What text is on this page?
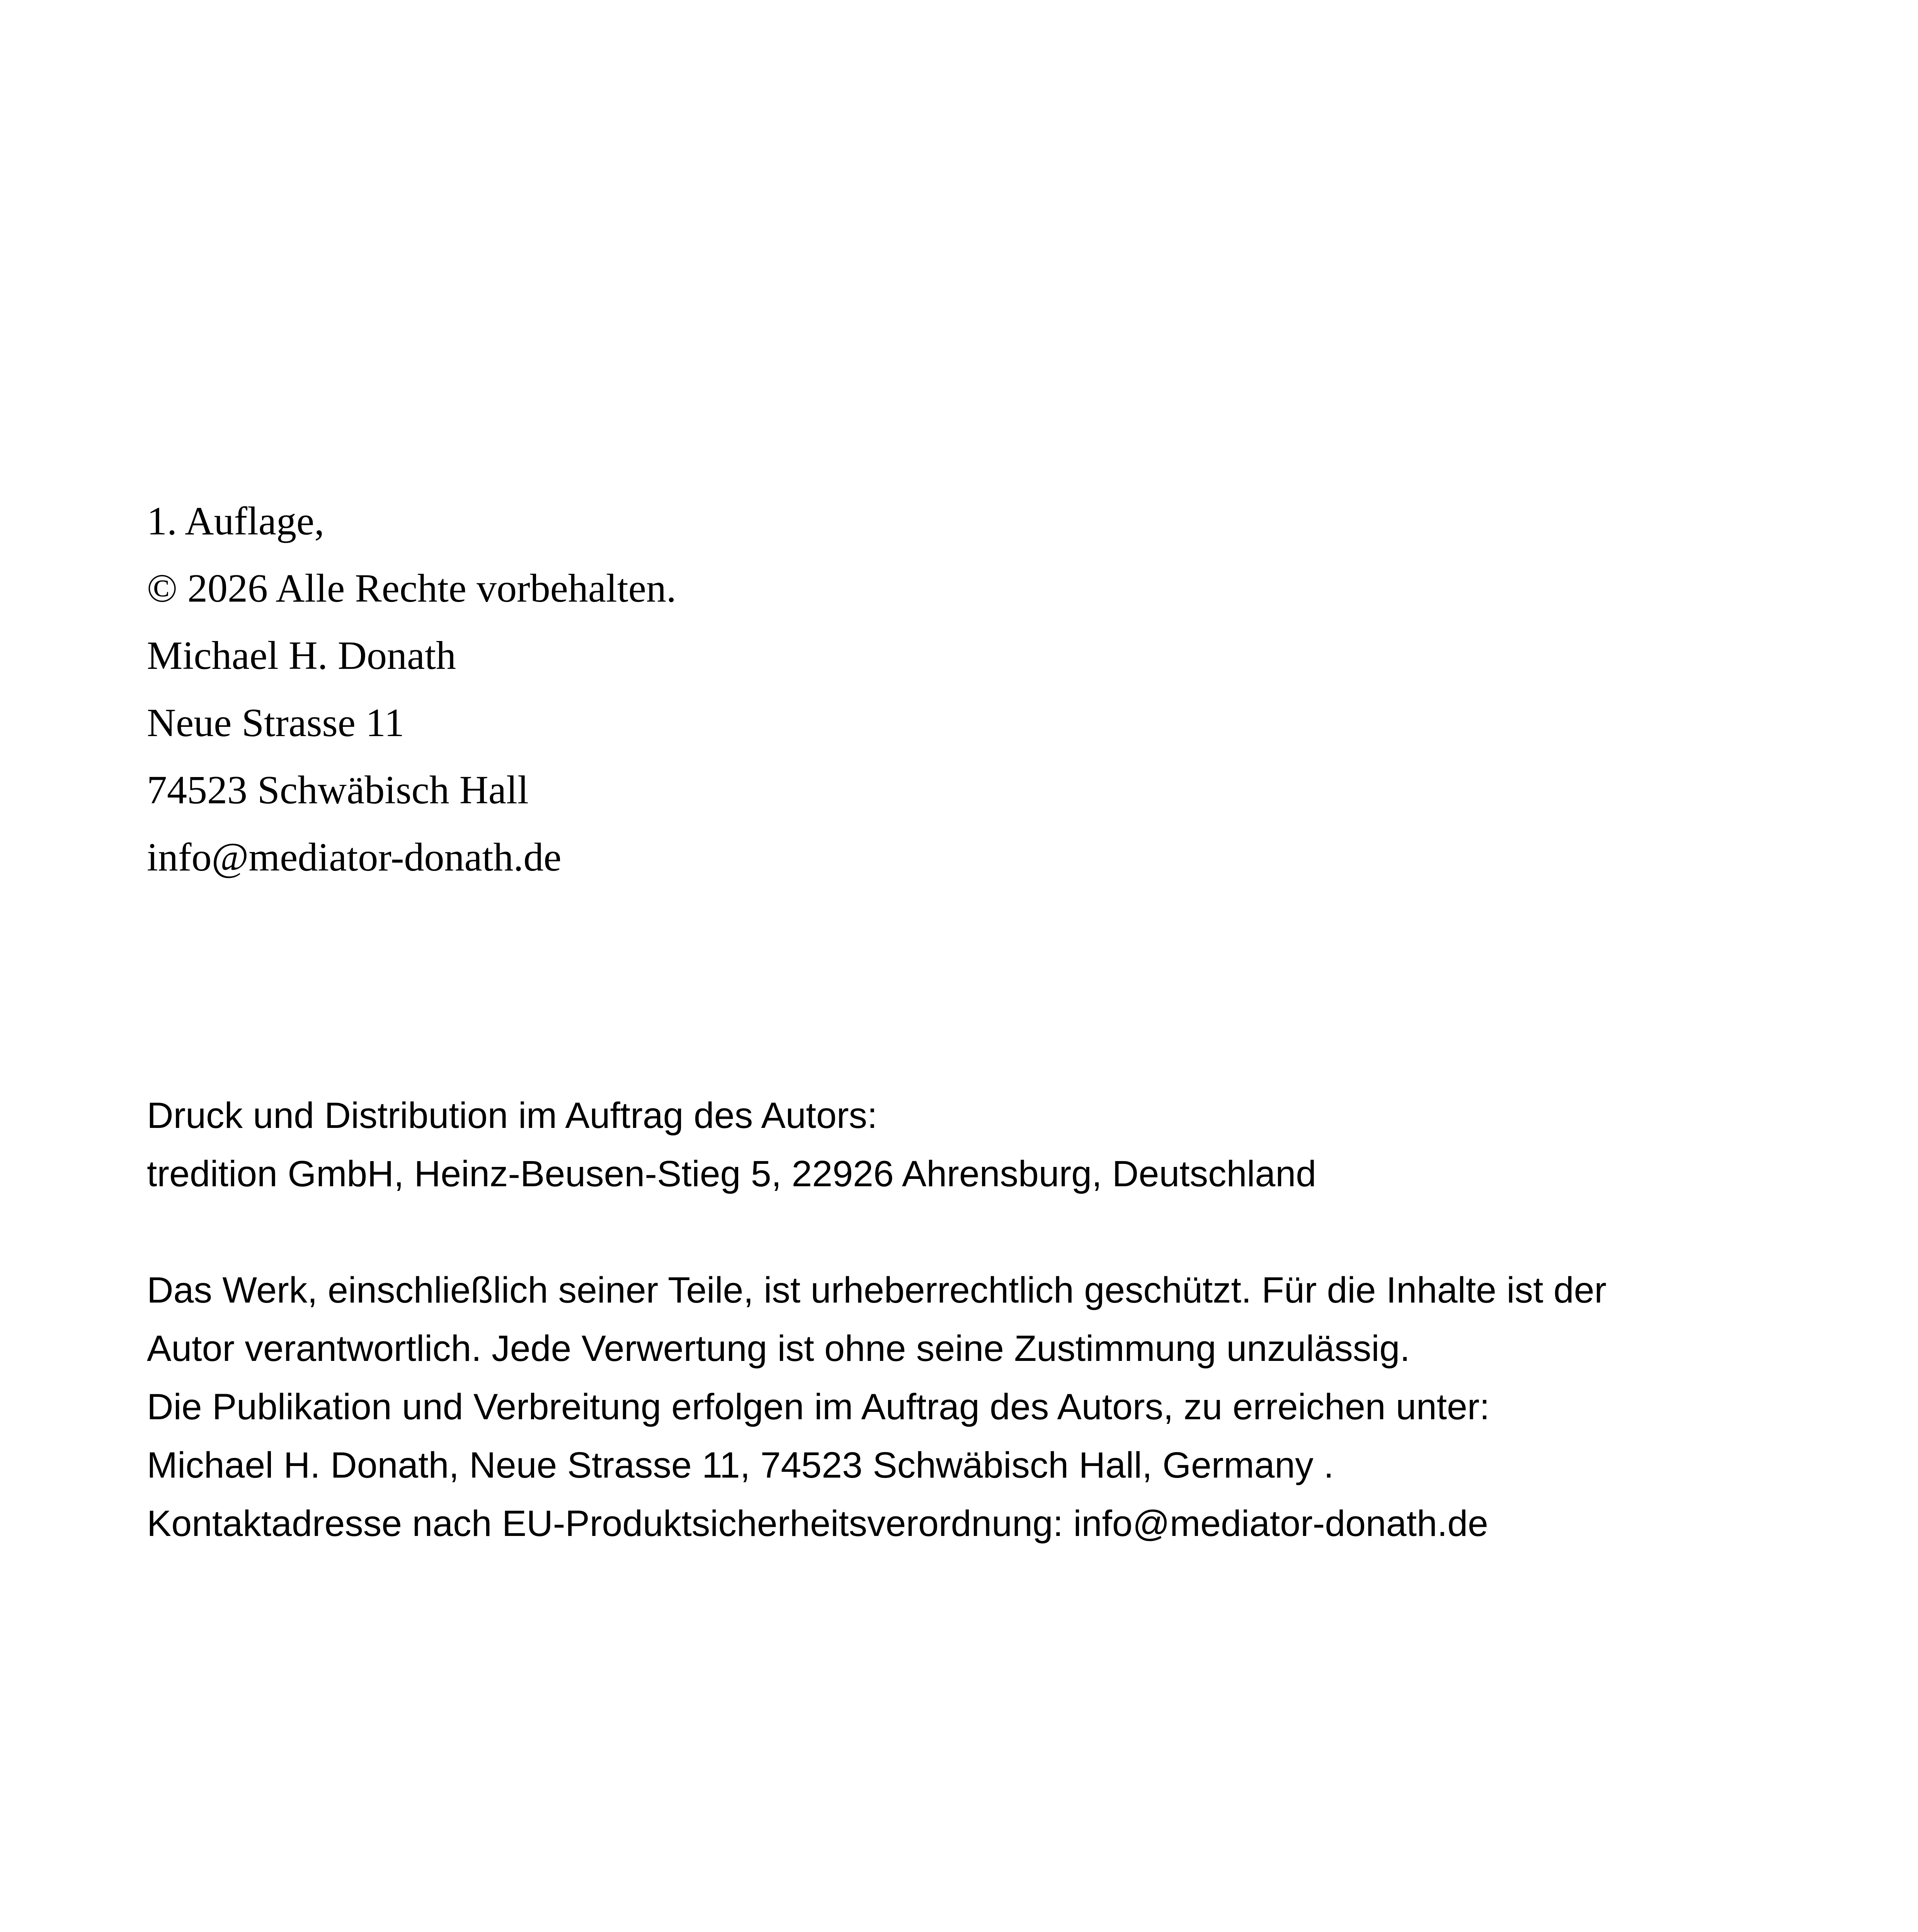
1. Auflage,
© 2026 Alle Rechte vorbehalten.
Michael H. Donath
Neue Strasse 11
74523 Schwäbisch Hall
info@mediator-donath.de
Druck und Distribution im Auftrag des Autors:
tredition GmbH, Heinz-Beusen-Stieg 5, 22926 Ahrensburg, Deutschland
Das Werk, einschließlich seiner Teile, ist urheberrechtlich geschützt. Für die Inhalte ist der
Autor verantwortlich. Jede Verwertung ist ohne seine Zustimmung unzulässig.
Die Publikation und Verbreitung erfolgen im Auftrag des Autors, zu erreichen unter:
Michael H. Donath, Neue Strasse 11, 74523 Schwäbisch Hall, Germany .
Kontaktadresse nach EU-Produktsicherheitsverordnung: info@mediator-donath.de
